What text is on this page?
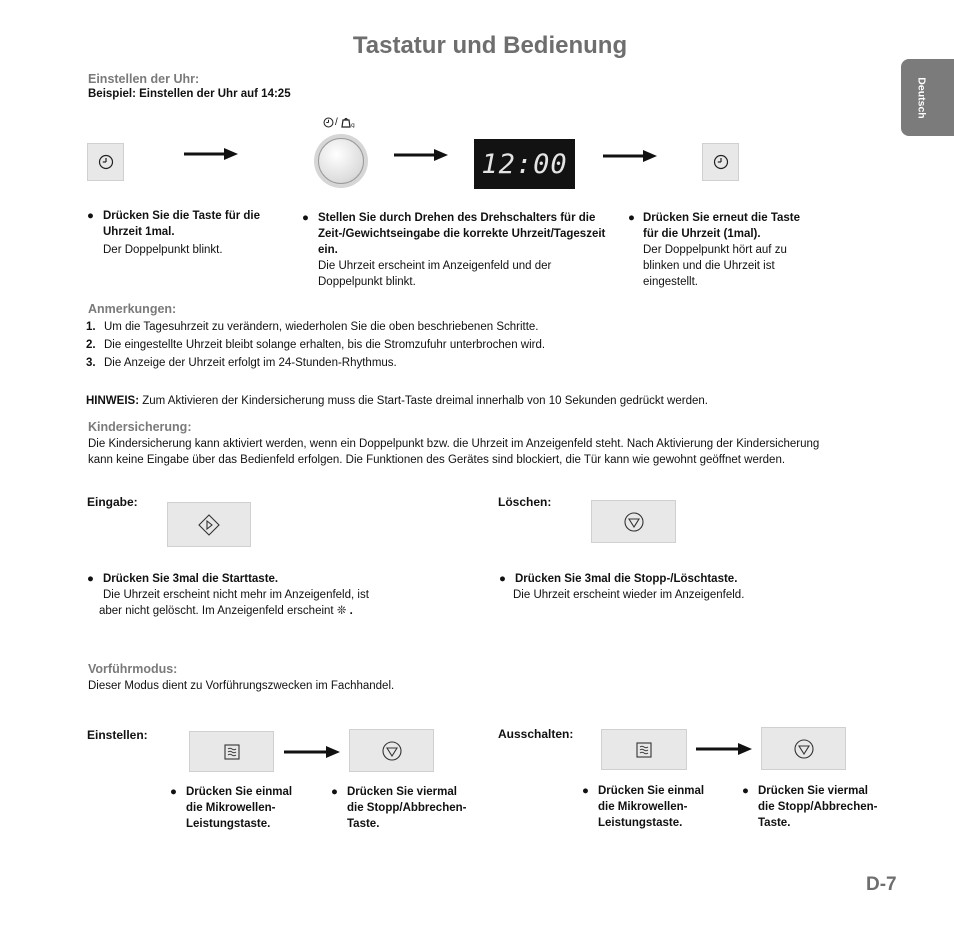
Tastatur und Bedienung
Deutsch
Einstellen der Uhr:
Beispiel: Einstellen der Uhr auf 14:25
/ g
12:00
● Drücken Sie die Taste für die Uhrzeit 1mal.
Der Doppelpunkt blinkt.
● Stellen Sie durch Drehen des Drehschalters für die Zeit-/Gewichtseingabe die korrekte Uhrzeit/Tageszeit ein.
Die Uhrzeit erscheint im Anzeigenfeld und der Doppelpunkt blinkt.
● Drücken Sie erneut die Taste für die Uhrzeit (1mal).
Der Doppelpunkt hört auf zu blinken und die Uhrzeit ist eingestellt.
Anmerkungen:
1. Um die Tagesuhrzeit zu verändern, wiederholen Sie die oben beschriebenen Schritte.
2. Die eingestellte Uhrzeit bleibt solange erhalten, bis die Stromzufuhr unterbrochen wird.
3. Die Anzeige der Uhrzeit erfolgt im 24-Stunden-Rhythmus.
HINWEIS: Zum Aktivieren der Kindersicherung muss die Start-Taste dreimal innerhalb von 10 Sekunden gedrückt werden.
Kindersicherung:
Die Kindersicherung kann aktiviert werden, wenn ein Doppelpunkt bzw. die Uhrzeit im Anzeigenfeld steht. Nach Aktivierung der Kindersicherung
kann keine Eingabe über das Bedienfeld erfolgen. Die Funktionen des Gerätes sind blockiert, die Tür kann wie gewohnt geöffnet werden.
Eingabe:	Löschen:
● Drücken Sie 3mal die Starttaste.
Die Uhrzeit erscheint nicht mehr im Anzeigenfeld, ist
aber nicht gelöscht. Im Anzeigenfeld erscheint ❊ .
● Drücken Sie 3mal die Stopp-/Löschtaste.
Die Uhrzeit erscheint wieder im Anzeigenfeld.
Vorführmodus:
Dieser Modus dient zu Vorführungszwecken im Fachhandel.
Einstellen:
● Drücken Sie einmal
die Mikrowellen-
Leistungstaste.
● Drücken Sie viermal
die Stopp/Abbrechen-
Taste.
Ausschalten:
● Drücken Sie einmal
die Mikrowellen-
Leistungstaste.
● Drücken Sie viermal
die Stopp/Abbrechen-
Taste.
D-7
